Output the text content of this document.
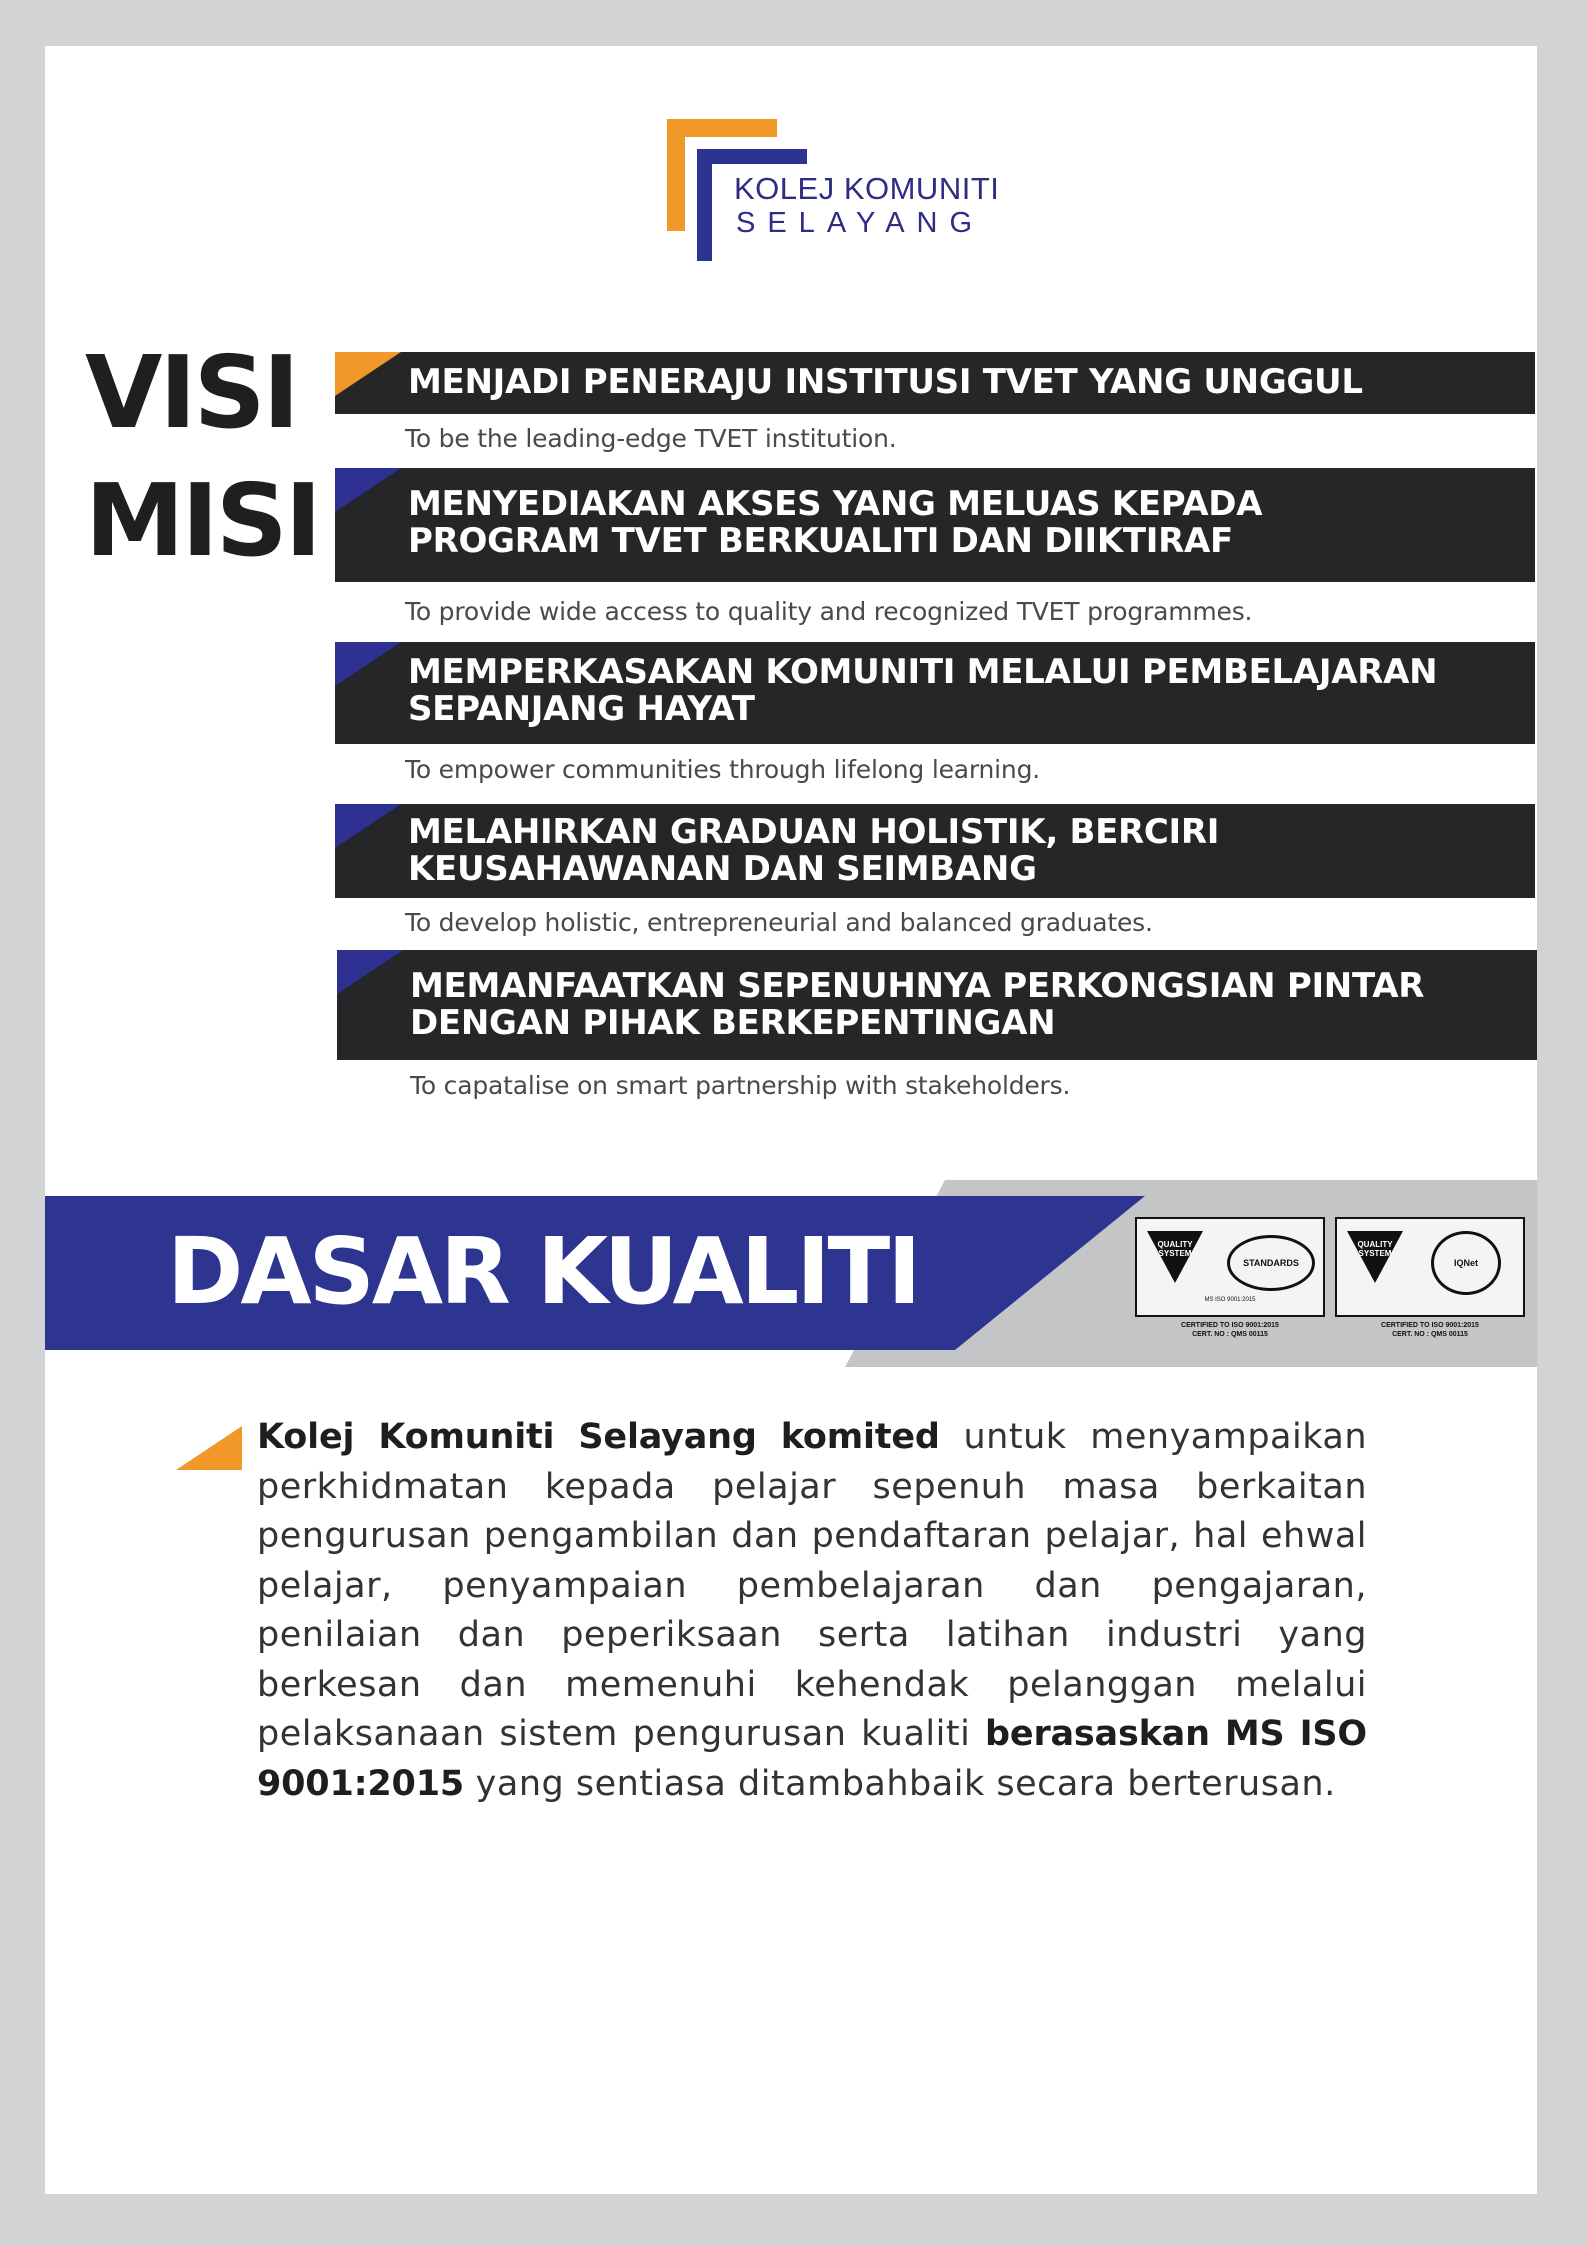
KOLEJ KOMUNITI
SELAYANG
VISI
MISI
MENJADI PENERAJU INSTITUSI TVET YANG UNGGUL
To be the leading-edge TVET institution.
MENYEDIAKAN AKSES YANG MELUAS KEPADA
PROGRAM TVET BERKUALITI DAN DIIKTIRAF
To provide wide access to quality and recognized TVET programmes.
MEMPERKASAKAN KOMUNITI MELALUI PEMBELAJARAN
SEPANJANG HAYAT
To empower communities through lifelong learning.
MELAHIRKAN GRADUAN HOLISTIK, BERCIRI
KEUSAHAWANAN DAN SEIMBANG
To develop holistic, entrepreneurial and balanced graduates.
MEMANFAATKAN SEPENUHNYA PERKONGSIAN PINTAR
DENGAN PIHAK BERKEPENTINGAN
To capatalise on smart partnership with stakeholders.
DASAR KUALITI	QUALITY SYSTEM
STANDARDS
MS ISO 9001:2015
CERTIFIED TO ISO 9001:2015
CERT. NO : QMS 00115
QUALITY SYSTEM
IQNet
CERTIFIED TO ISO 9001:2015
CERT. NO : QMS 00115
Kolej Komuniti Selayang komited untuk menyampaikan perkhidmatan kepada pelajar sepenuh masa berkaitan pengurusan pengambilan dan pendaftaran pelajar, hal ehwal pelajar, penyampaian pembelajaran dan pengajaran, penilaian dan peperiksaan serta latihan industri yang berkesan dan memenuhi kehendak pelanggan melalui pelaksanaan sistem pengurusan kualiti berasaskan MS ISO 9001:2015 yang sentiasa ditambahbaik secara berterusan.
